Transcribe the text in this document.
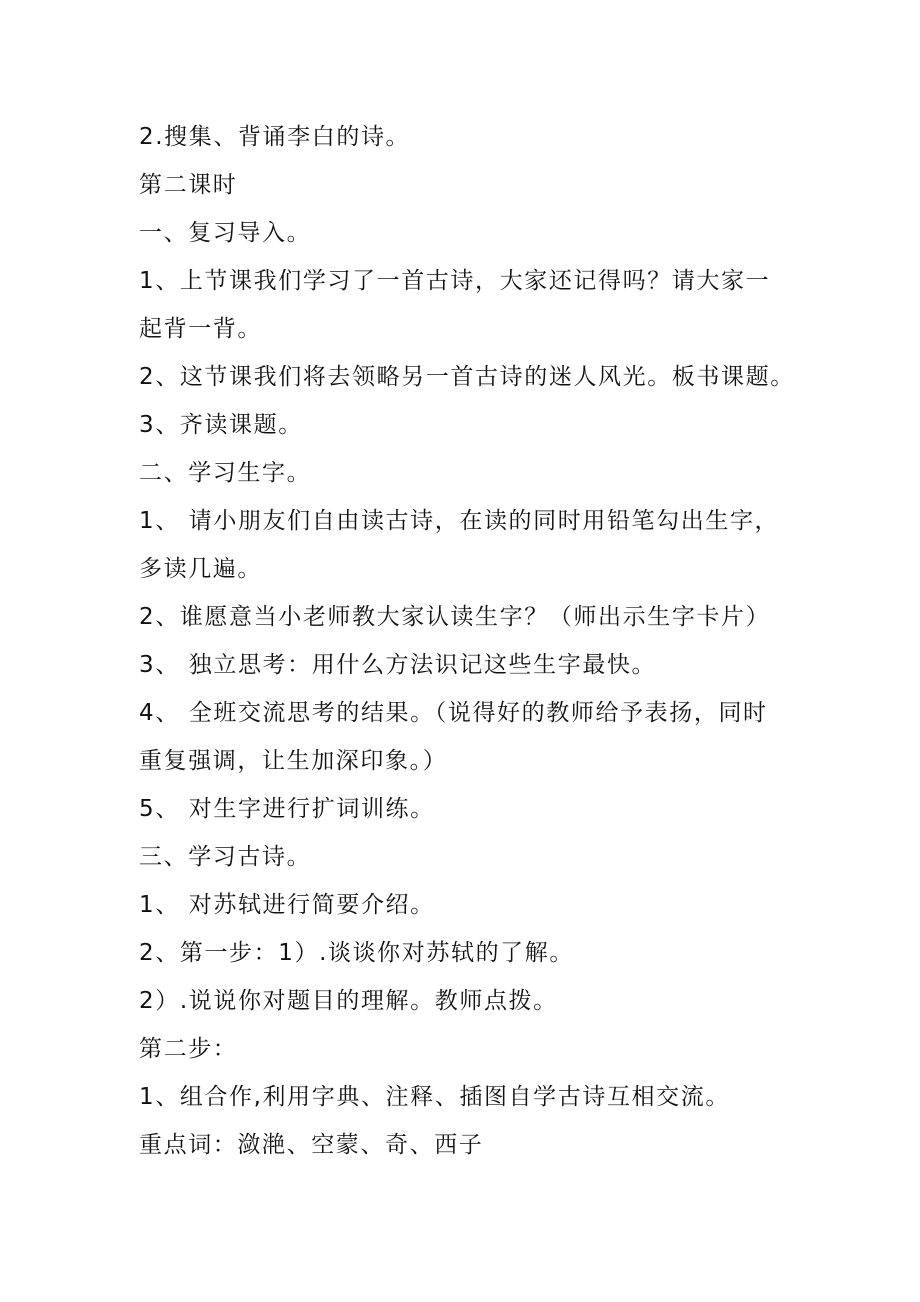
2.搜集、背诵李白的诗。
第二课时
一、复习导入。
1、上节课我们学习了一首古诗，大家还记得吗？请大家一
起背一背。
2、这节课我们将去领略另一首古诗的迷人风光。板书课题。
3、齐读课题。
二、学习生字。
1、 请小朋友们自由读古诗，在读的同时用铅笔勾出生字，
多读几遍。
2、谁愿意当小老师教大家认读生字？（师出示生字卡片）
3、 独立思考：用什么方法识记这些生字最快。
4、 全班交流思考的结果。（说得好的教师给予表扬，同时
重复强调，让生加深印象。）
5、 对生字进行扩词训练。
三、学习古诗。
1、 对苏轼进行简要介绍。
2、第一步：1）.谈谈你对苏轼的了解。
2）.说说你对题目的理解。教师点拨。
第二步：
1、组合作,利用字典、注释、插图自学古诗互相交流。
重点词：潋滟、空蒙、奇、西子
